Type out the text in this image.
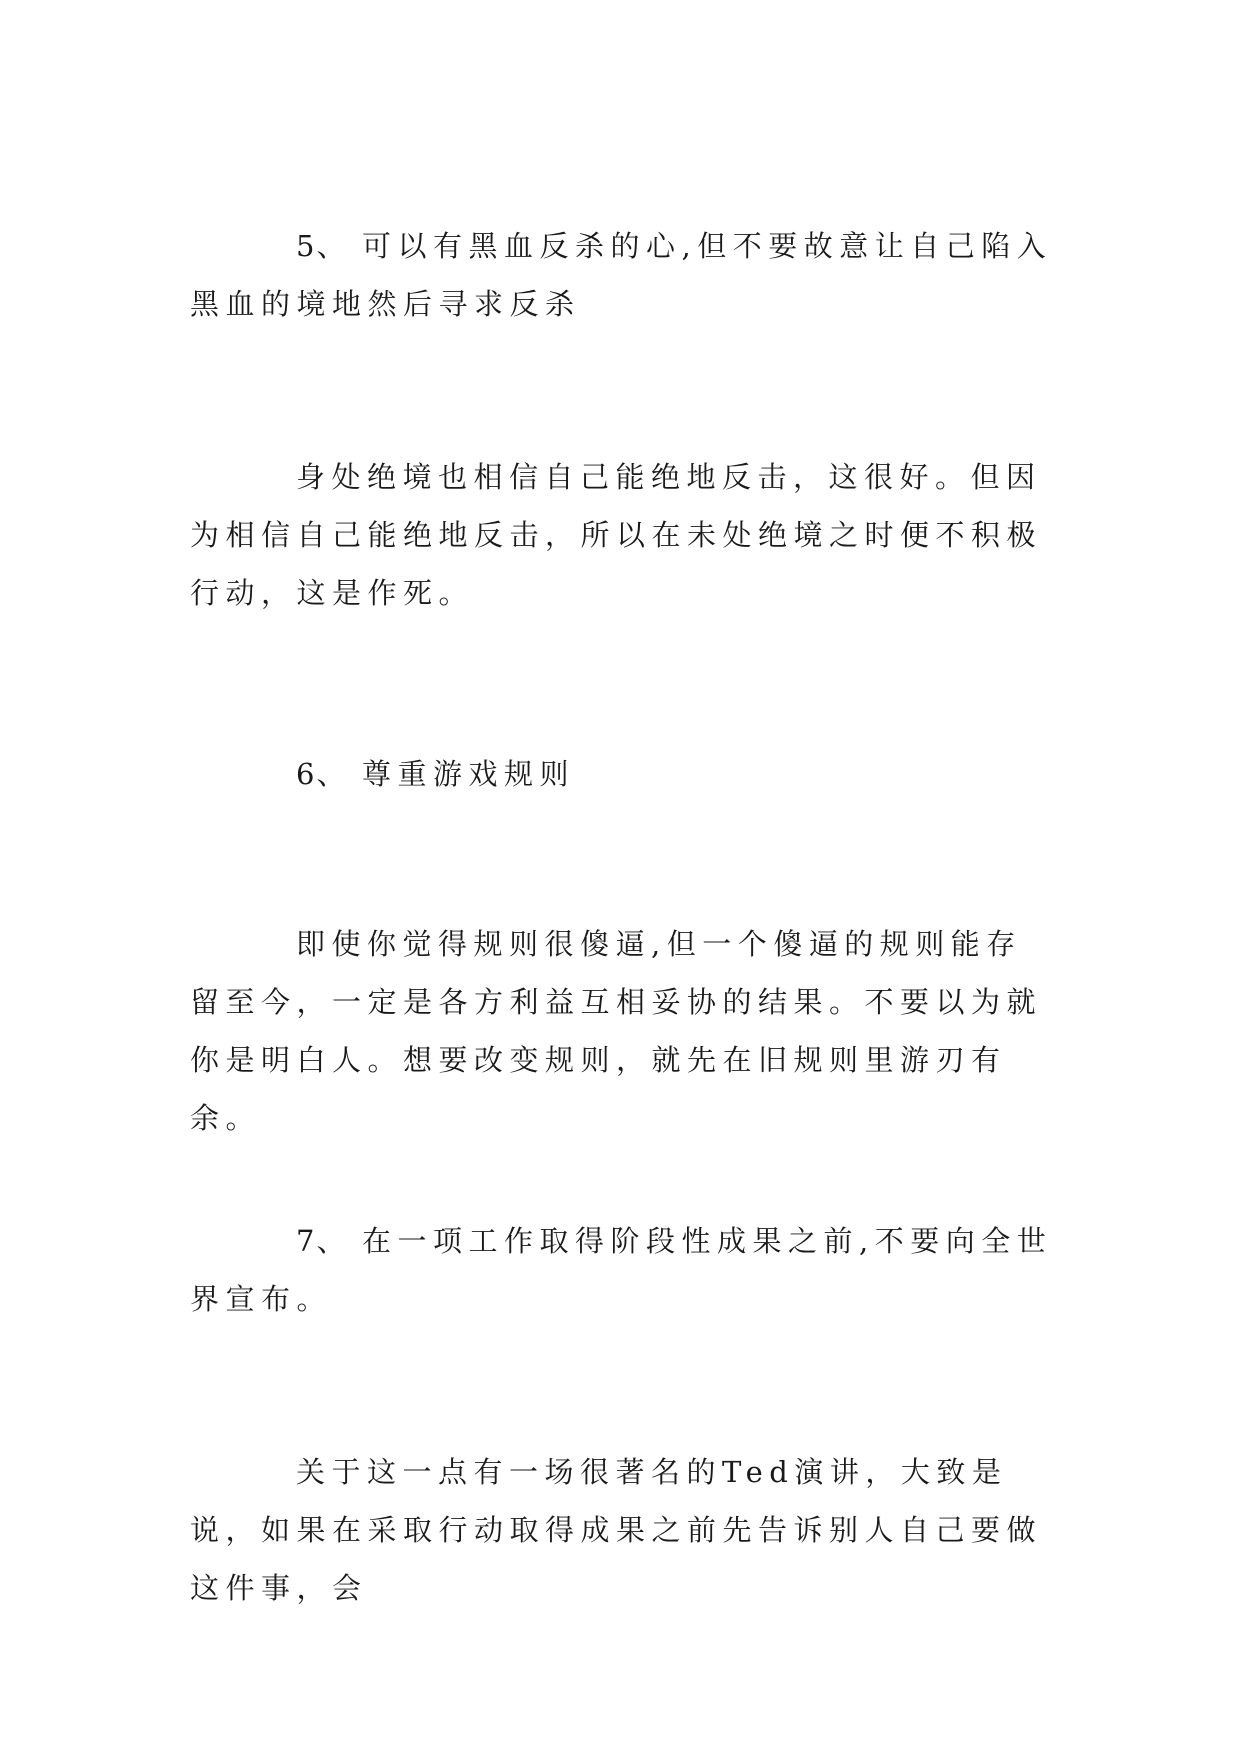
5、 可以有黑血反杀的心,但不要故意让自己陷入黑血的境地然后寻求反杀

身处绝境也相信自己能绝地反击，这很好。但因为相信自己能绝地反击，所以在未处绝境之时便不积极行动，这是作死。

6、 尊重游戏规则

即使你觉得规则很傻逼,但一个傻逼的规则能存留至今，一定是各方利益互相妥协的结果。不要以为就你是明白人。想要改变规则，就先在旧规则里游刃有余。

7、 在一项工作取得阶段性成果之前,不要向全世界宣布。

关于这一点有一场很著名的Ted演讲，大致是说，如果在采取行动取得成果之前先告诉别人自己要做这件事，会
